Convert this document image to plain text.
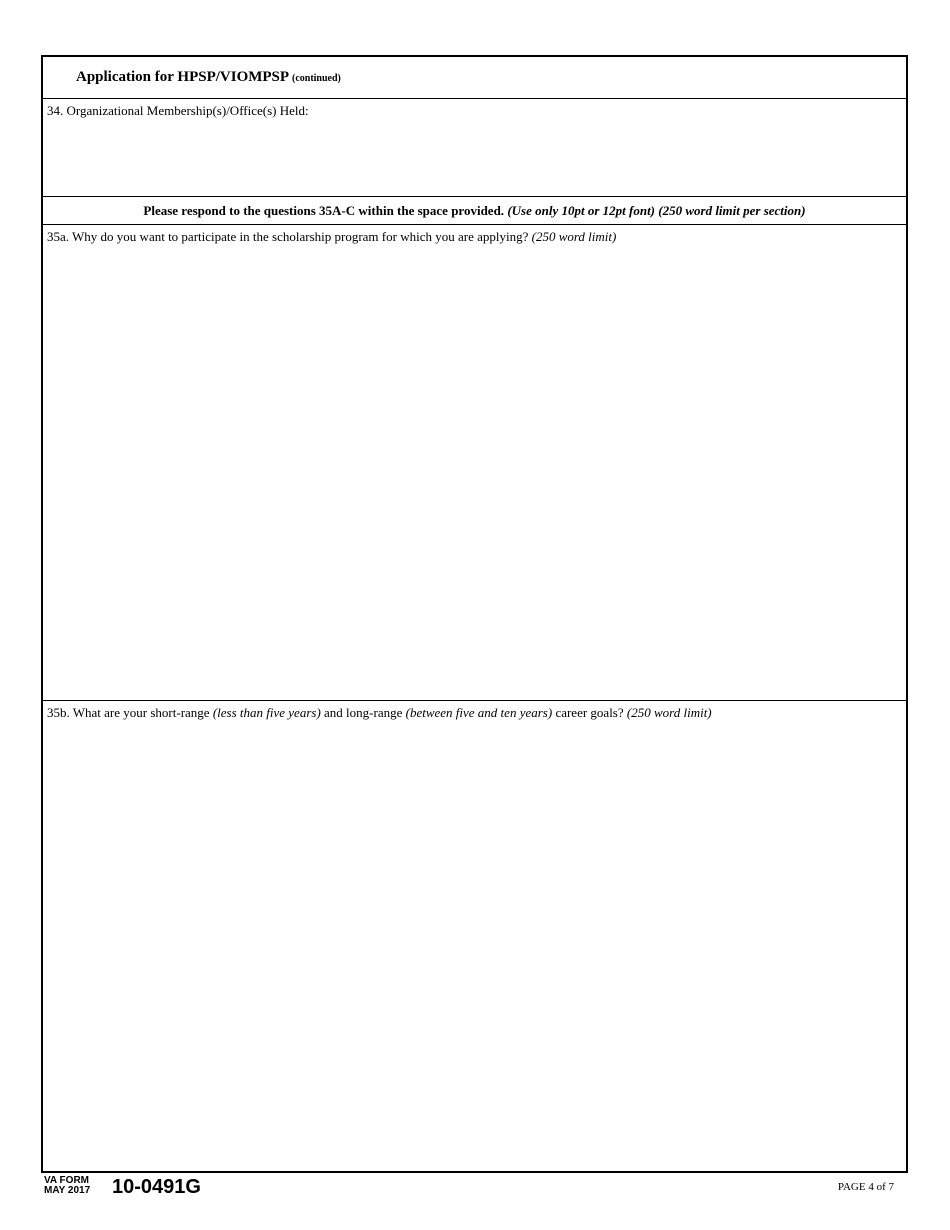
Application for HPSP/VIOMPSP (continued)
34. Organizational Membership(s)/Office(s) Held:
Please respond to the questions 35A-C within the space provided. (Use only 10pt or 12pt font) (250 word limit per section)
35a. Why do you want to participate in the scholarship program for which you are applying? (250 word limit)
35b. What are your short-range (less than five years) and long-range (between five and ten years) career goals? (250 word limit)
VA FORM
MAY 2017 10-0491G	PAGE 4 of 7
